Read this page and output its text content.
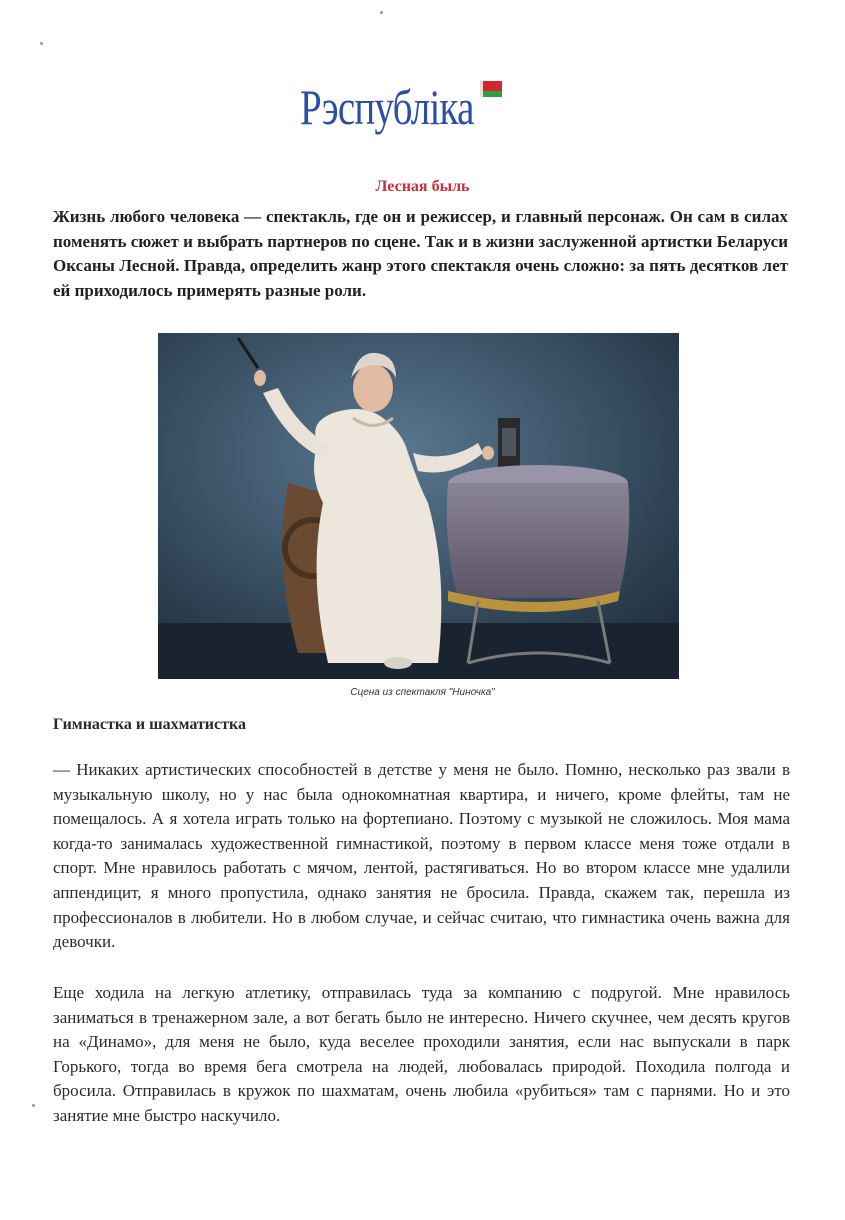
Рэспубліка
Лесная быль
Жизнь любого человека — спектакль, где он и режиссер, и главный персонаж. Он сам в силах поменять сюжет и выбрать партнеров по сцене. Так и в жизни заслуженной артистки Беларуси Оксаны Лесной. Правда, определить жанр этого спектакля очень сложно: за пять десятков лет ей приходилось примерять разные роли.
Сцена из спектакля "Ниночка"
Гимнастка и шахматистка
— Никаких артистических способностей в детстве у меня не было. Помню, несколько раз звали в музыкальную школу, но у нас была однокомнатная квартира, и ничего, кроме флейты, там не помещалось. А я хотела играть только на фортепиано. Поэтому с музыкой не сложилось. Моя мама когда-то занималась художественной гимнастикой, поэтому в первом классе меня тоже отдали в спорт. Мне нравилось работать с мячом, лентой, растягиваться. Но во втором классе мне удалили аппендицит, я много пропустила, однако занятия не бросила. Правда, скажем так, перешла из профессионалов в любители. Но в любом случае, и сейчас считаю, что гимнастика очень важна для девочки.
Еще ходила на легкую атлетику, отправилась туда за компанию с подругой. Мне нравилось заниматься в тренажерном зале, а вот бегать было не интересно. Ничего скучнее, чем десять кругов на «Динамо», для меня не было, куда веселее проходили занятия, если нас выпускали в парк Горького, тогда во время бега смотрела на людей, любовалась природой. Походила полгода и бросила. Отправилась в кружок по шахматам, очень любила «рубиться» там с парнями. Но и это занятие мне быстро наскучило.
